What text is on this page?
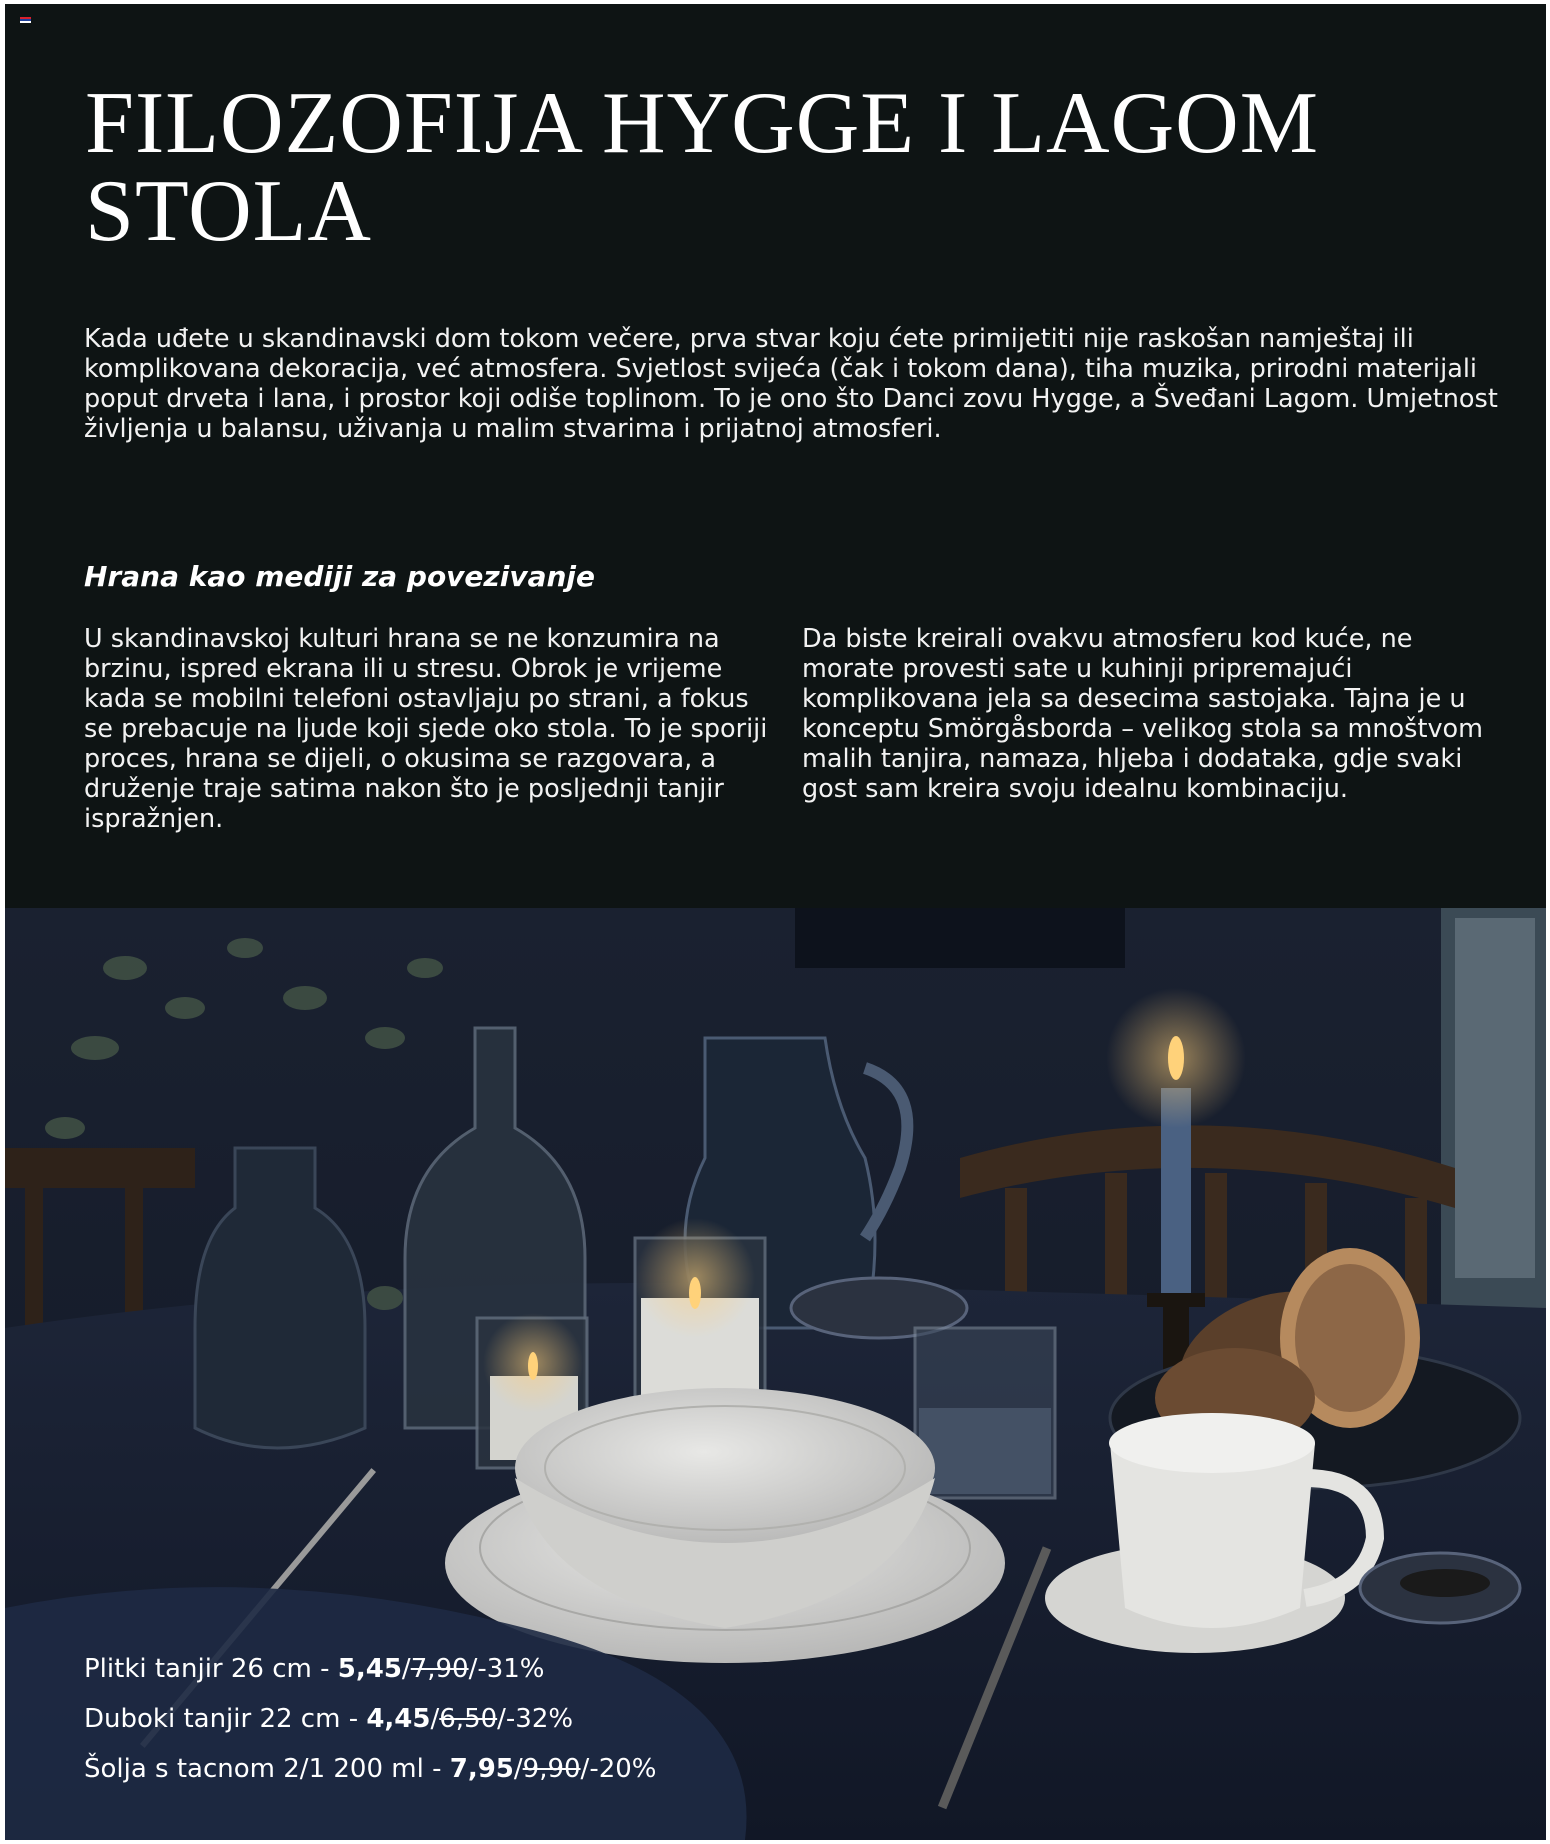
FILOZOFIJA HYGGE I LAGOM
STOLA

Kada uđete u skandinavski dom tokom večere, prva stvar koju ćete primijetiti nije raskošan namještaj ili komplikovana dekoracija, već atmosfera. Svjetlost svijeća (čak i tokom dana), tiha muzika, prirodni materijali poput drveta i lana, i prostor koji odiše toplinom. To je ono što Danci zovu Hygge, a Šveđani Lagom. Umjetnost življenja u balansu, uživanja u malim stvarima i prijatnoj atmosferi.

Hrana kao mediji za povezivanje

U skandinavskoj kulturi hrana se ne konzumira na brzinu, ispred ekrana ili u stresu. Obrok je vrijeme kada se mobilni telefoni ostavljaju po strani, a fokus se prebacuje na ljude koji sjede oko stola. To je sporiji proces, hrana se dijeli, o okusima se razgovara, a druženje traje satima nakon što je posljednji tanjir ispražnjen.

Da biste kreirali ovakvu atmosferu kod kuće, ne morate provesti sate u kuhinji pripremajući komplikovana jela sa desecima sastojaka. Tajna je u konceptu Smörgåsborda – velikog stola sa mnoštvom malih tanjira, namaza, hljeba i dodataka, gdje svaki gost sam kreira svoju idealnu kombinaciju.

Plitki tanjir 26 cm - 5,45/7,90/-31%
Duboki tanjir 22 cm - 4,45/6,50/-32%
Šolja s tacnom 2/1 200 ml - 7,95/9,90/-20%
